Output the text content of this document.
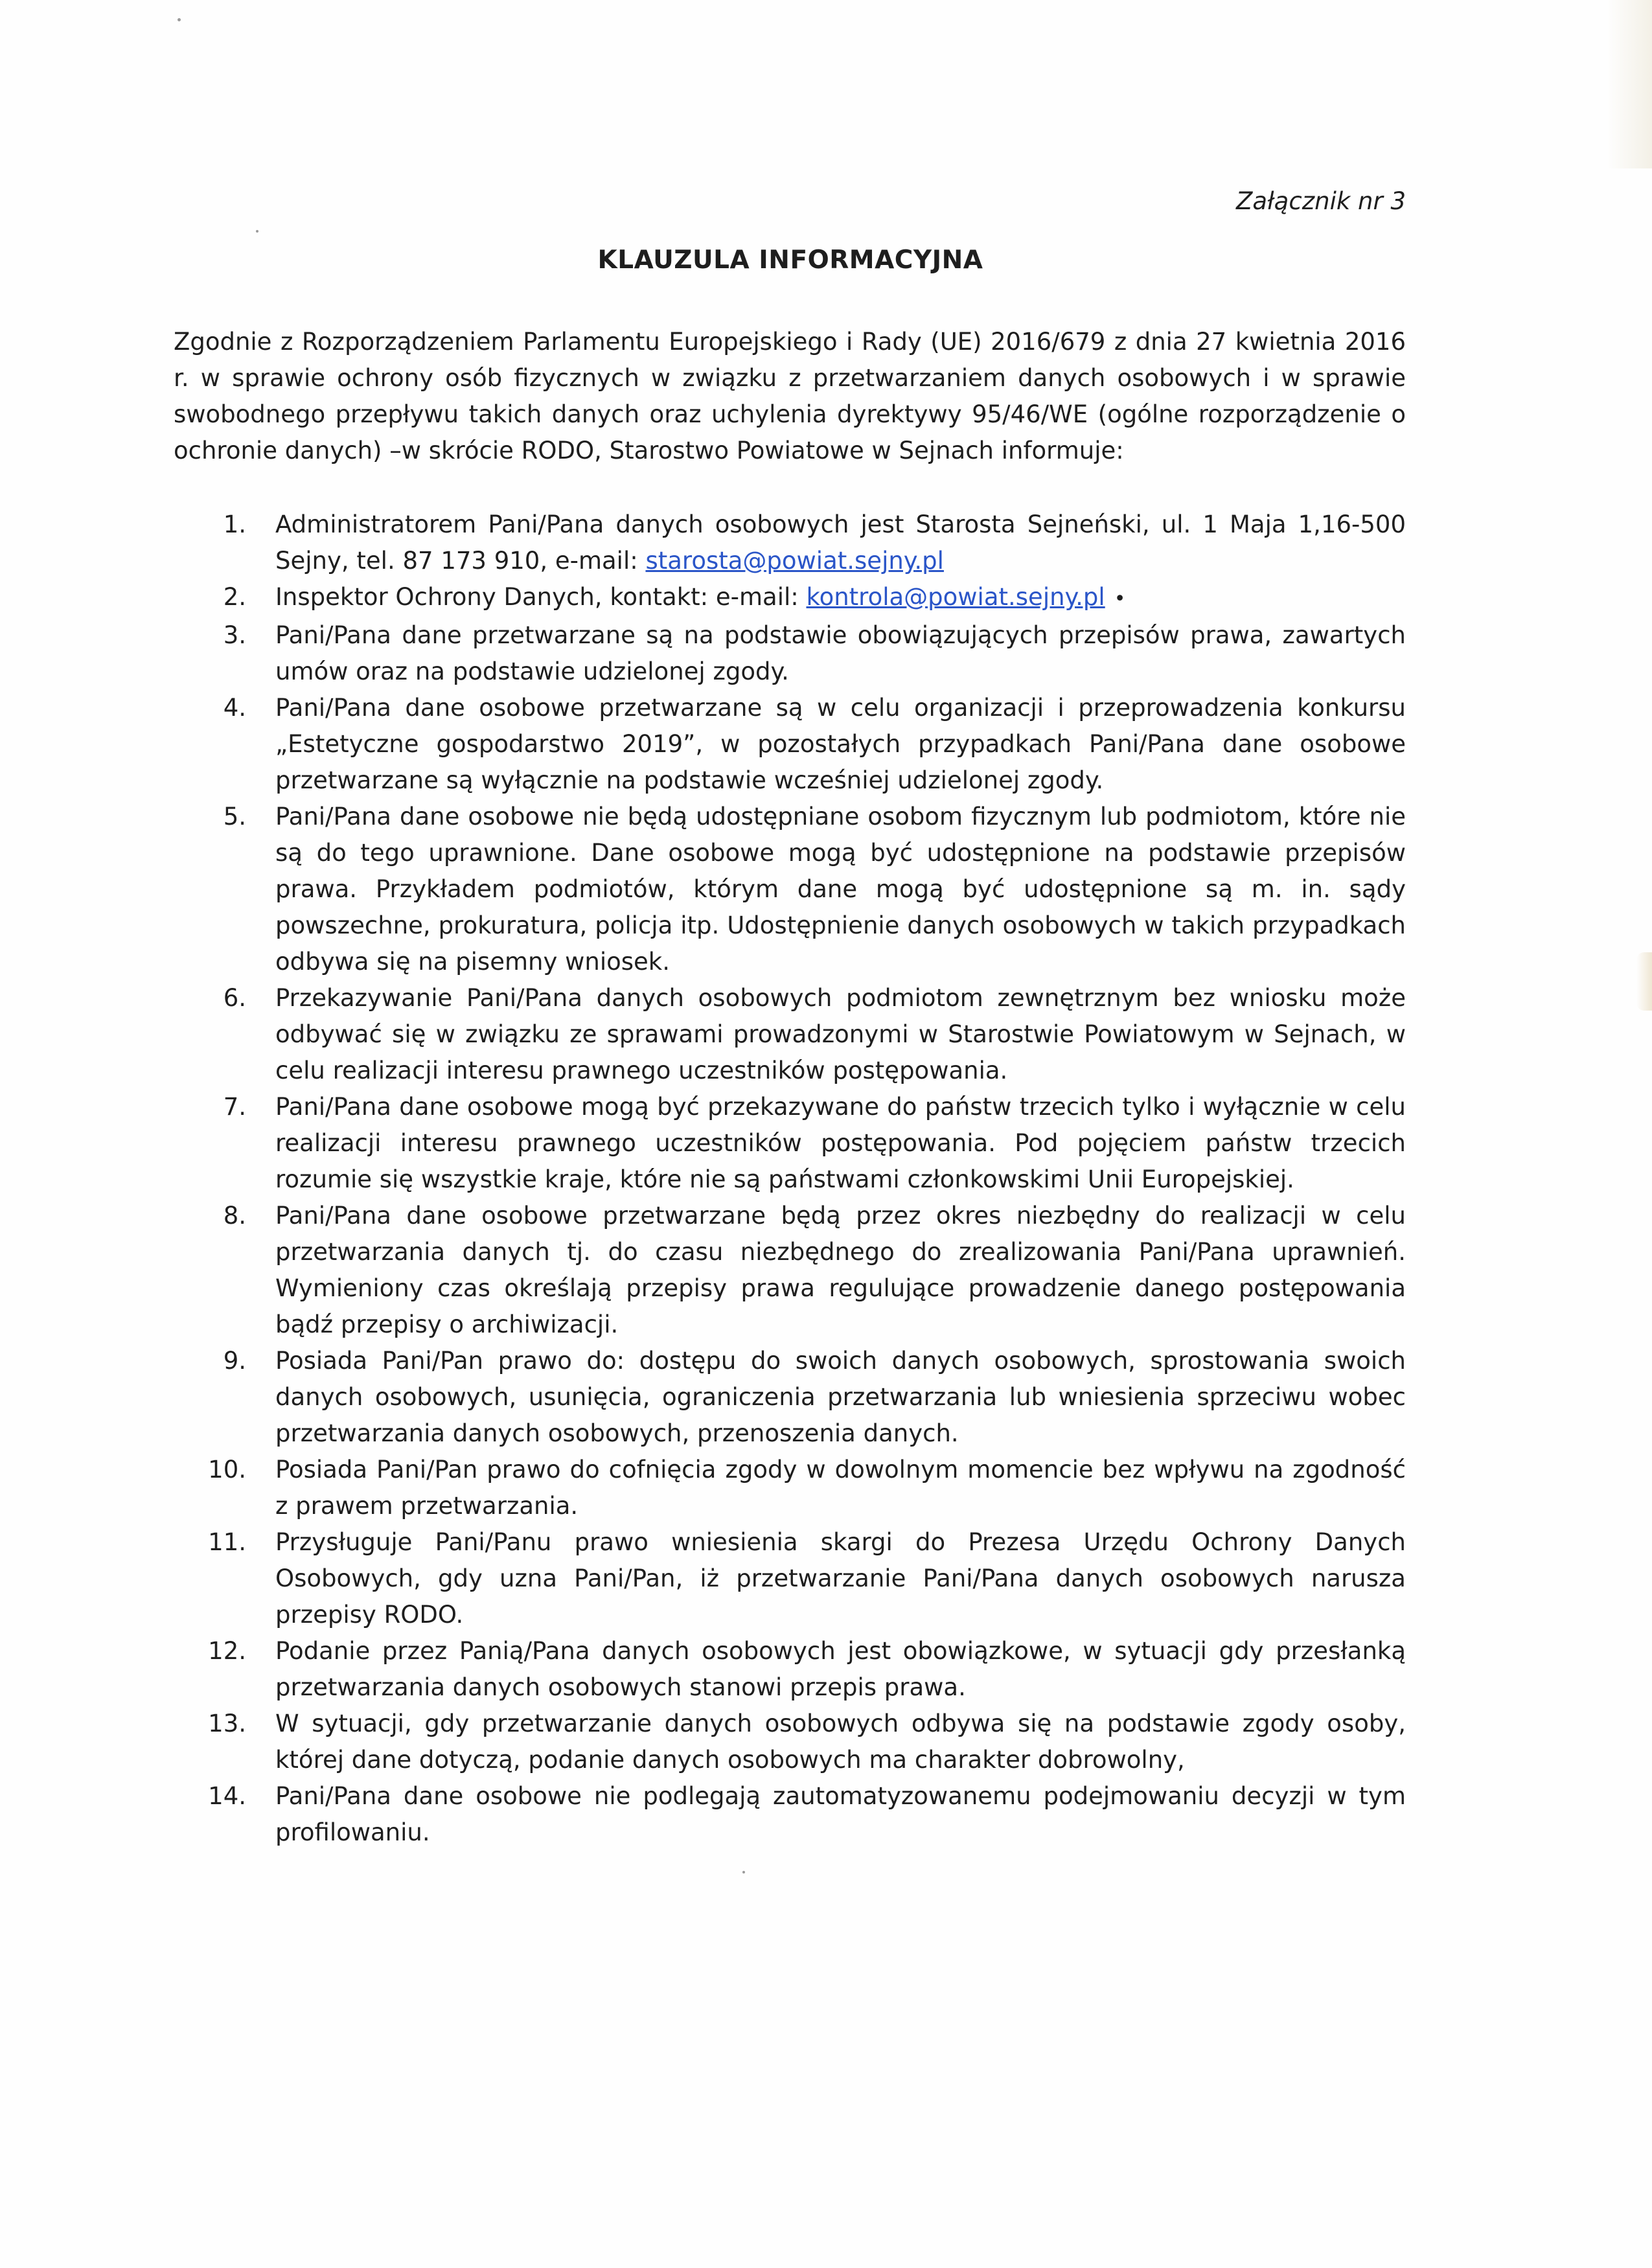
Załącznik nr 3
KLAUZULA INFORMACYJNA

Zgodnie z Rozporządzeniem Parlamentu Europejskiego i Rady (UE) 2016/679 z dnia 27 kwietnia 2016 r. w sprawie ochrony osób fizycznych w związku z przetwarzaniem danych osobowych i w sprawie swobodnego przepływu takich danych oraz uchylenia dyrektywy 95/46/WE (ogólne rozporządzenie o ochronie danych) –w skrócie RODO, Starostwo Powiatowe w Sejnach informuje:

1. Administratorem Pani/Pana danych osobowych jest Starosta Sejneński, ul. 1 Maja 1,16-500 Sejny, tel. 87 173 910, e-mail: starosta@powiat.sejny.pl
2. Inspektor Ochrony Danych, kontakt: e-mail: kontrola@powiat.sejny.pl •
3. Pani/Pana dane przetwarzane są na podstawie obowiązujących przepisów prawa, zawartych umów oraz na podstawie udzielonej zgody.
4. Pani/Pana dane osobowe przetwarzane są w celu organizacji i przeprowadzenia konkursu „Estetyczne gospodarstwo 2019”, w pozostałych przypadkach Pani/Pana dane osobowe przetwarzane są wyłącznie na podstawie wcześniej udzielonej zgody.
5. Pani/Pana dane osobowe nie będą udostępniane osobom fizycznym lub podmiotom, które nie są do tego uprawnione. Dane osobowe mogą być udostępnione na podstawie przepisów prawa. Przykładem podmiotów, którym dane mogą być udostępnione są m. in. sądy powszechne, prokuratura, policja itp. Udostępnienie danych osobowych w takich przypadkach odbywa się na pisemny wniosek.
6. Przekazywanie Pani/Pana danych osobowych podmiotom zewnętrznym bez wniosku może odbywać się w związku ze sprawami prowadzonymi w Starostwie Powiatowym w Sejnach, w celu realizacji interesu prawnego uczestników postępowania.
7. Pani/Pana dane osobowe mogą być przekazywane do państw trzecich tylko i wyłącznie w celu realizacji interesu prawnego uczestników postępowania. Pod pojęciem państw trzecich rozumie się wszystkie kraje, które nie są państwami członkowskimi Unii Europejskiej.
8. Pani/Pana dane osobowe przetwarzane będą przez okres niezbędny do realizacji w celu przetwarzania danych tj. do czasu niezbędnego do zrealizowania Pani/Pana uprawnień. Wymieniony czas określają przepisy prawa regulujące prowadzenie danego postępowania bądź przepisy o archiwizacji.
9. Posiada Pani/Pan prawo do: dostępu do swoich danych osobowych, sprostowania swoich danych osobowych, usunięcia, ograniczenia przetwarzania lub wniesienia sprzeciwu wobec przetwarzania danych osobowych, przenoszenia danych.
10. Posiada Pani/Pan prawo do cofnięcia zgody w dowolnym momencie bez wpływu na zgodność z prawem przetwarzania.
11. Przysługuje Pani/Panu prawo wniesienia skargi do Prezesa Urzędu Ochrony Danych Osobowych, gdy uzna Pani/Pan, iż przetwarzanie Pani/Pana danych osobowych narusza przepisy RODO.
12. Podanie przez Panią/Pana danych osobowych jest obowiązkowe, w sytuacji gdy przesłanką przetwarzania danych osobowych stanowi przepis prawa.
13. W sytuacji, gdy przetwarzanie danych osobowych odbywa się na podstawie zgody osoby, której dane dotyczą, podanie danych osobowych ma charakter dobrowolny,
14. Pani/Pana dane osobowe nie podlegają zautomatyzowanemu podejmowaniu decyzji w tym profilowaniu.
